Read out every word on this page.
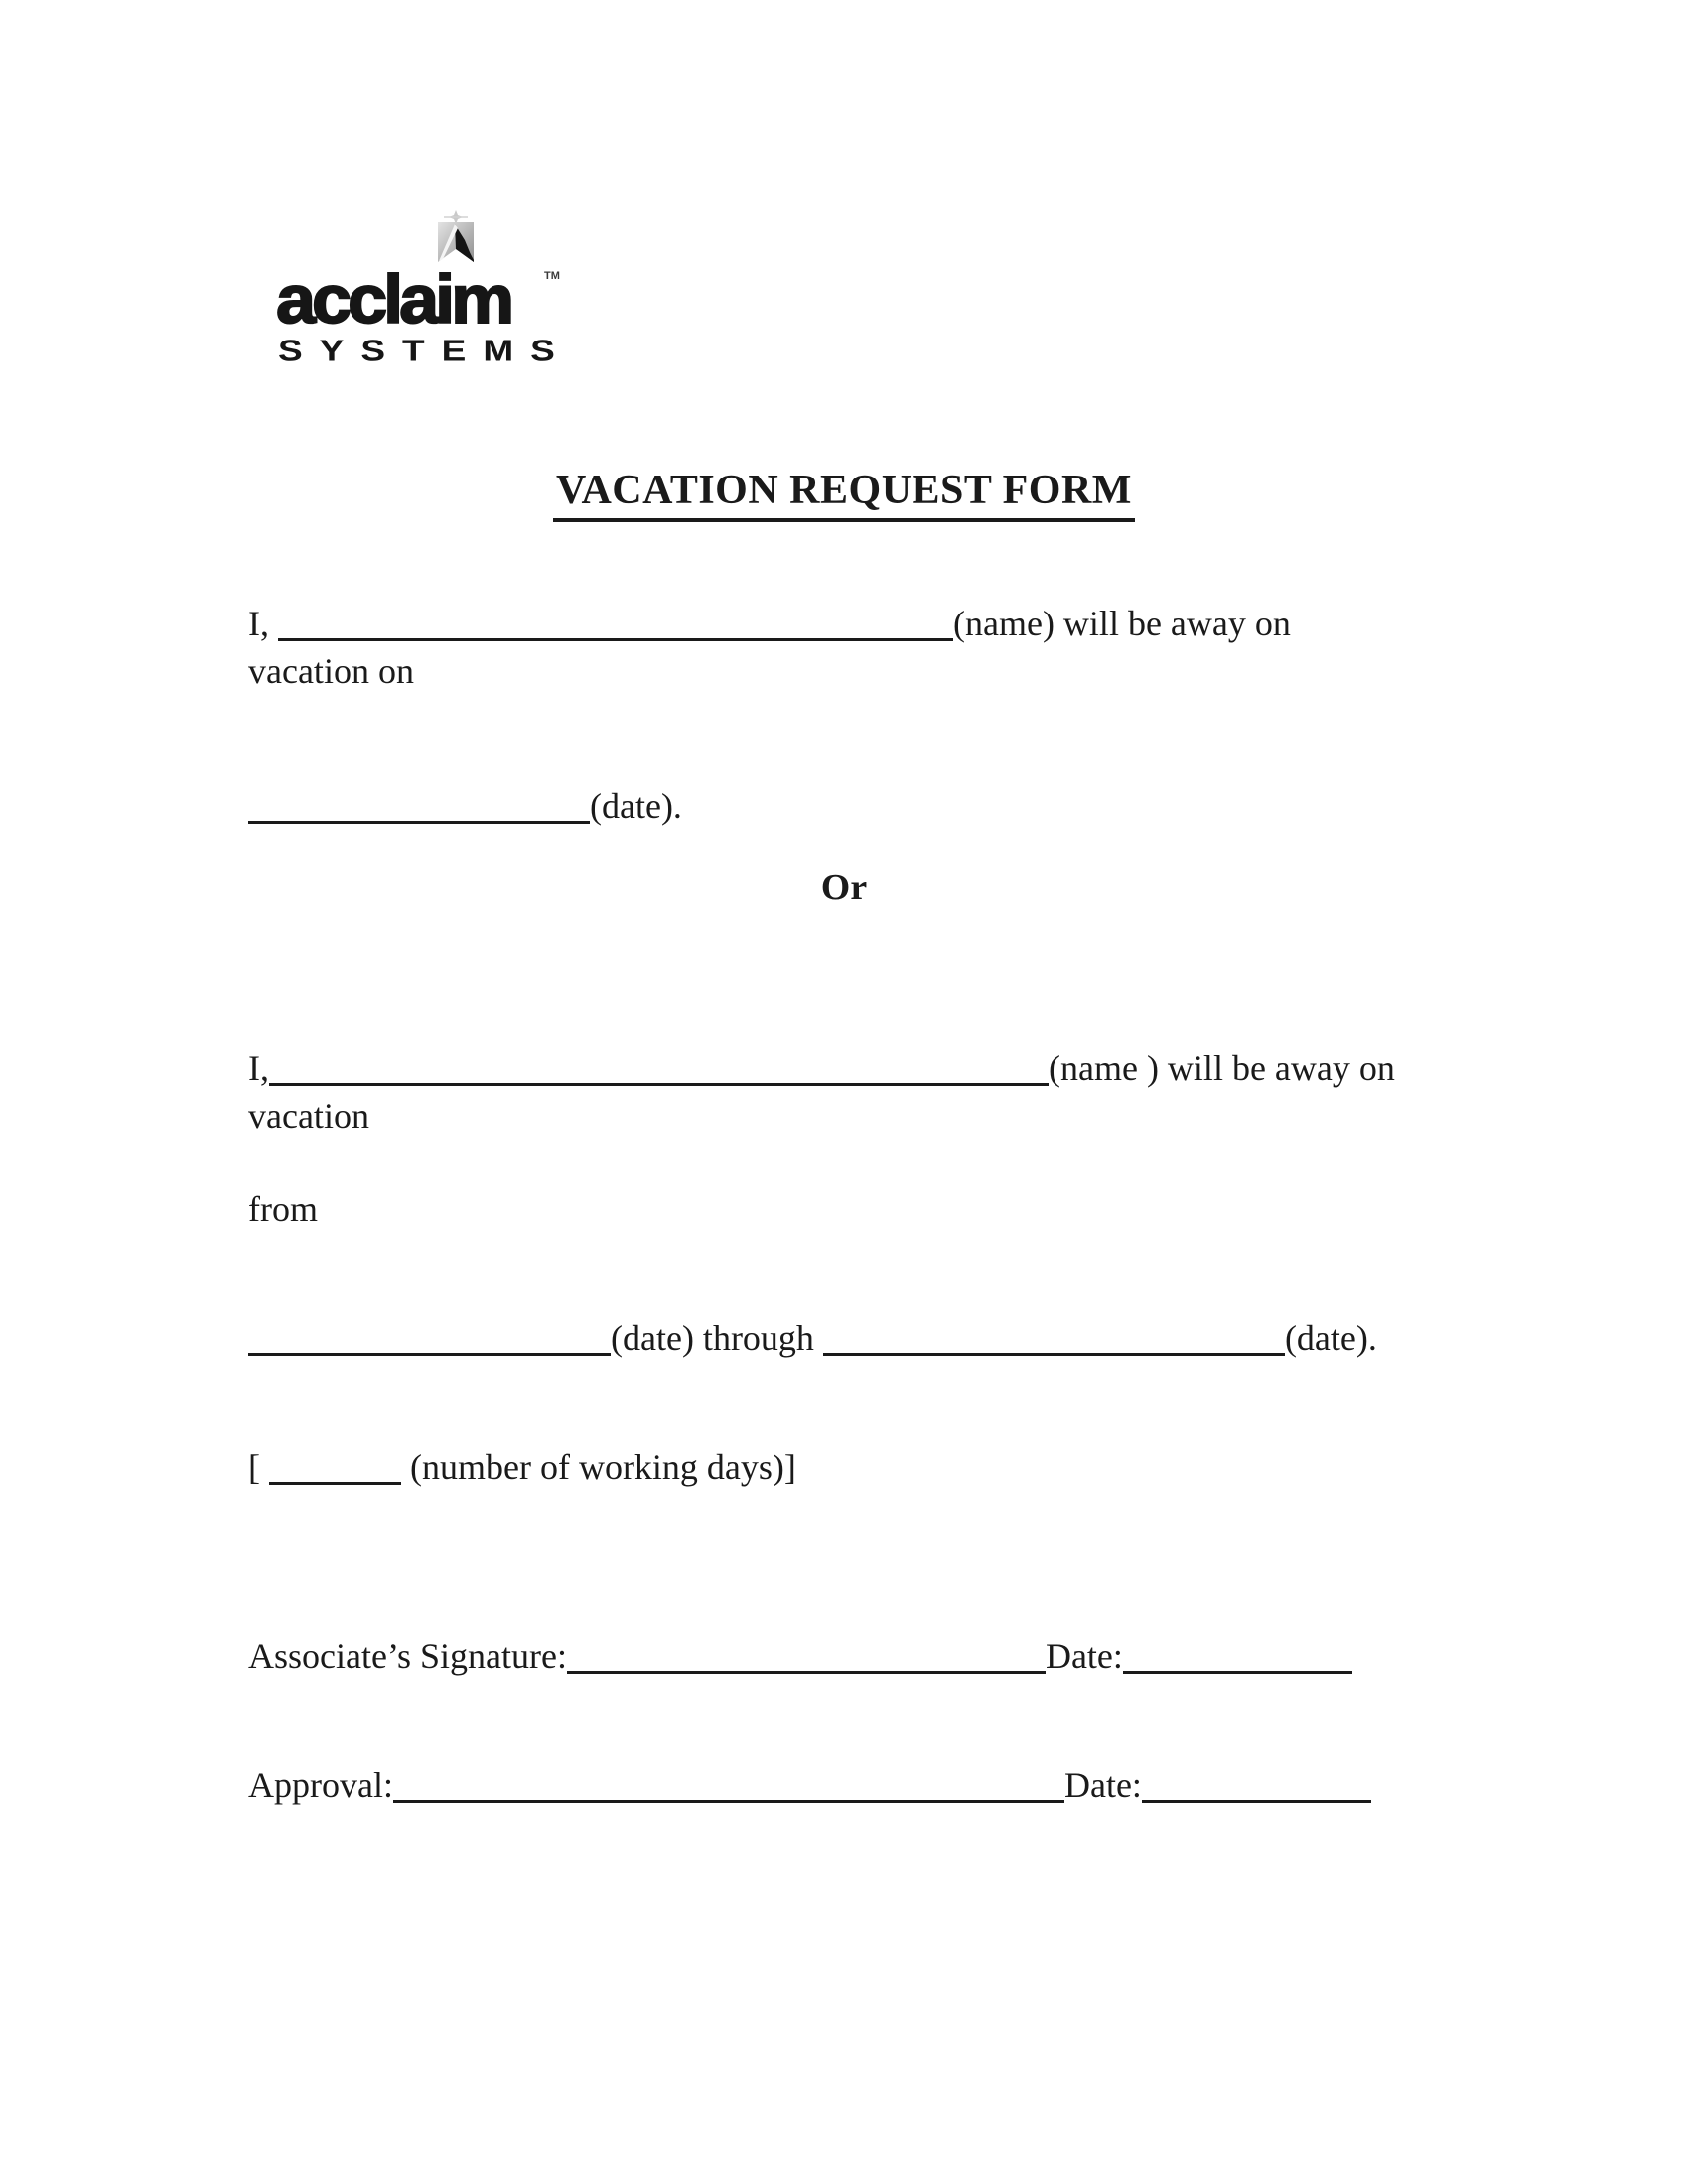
acclaim	TM
SYSTEMS
VACATION REQUEST FORM
I,	(name) will be away on
vacation on
(date).
Or
I,	(name ) will be away on
vacation
from
(date) through	(date).
[	(number of working days)]
Associate’s Signature:	Date:
Approval:	Date:
